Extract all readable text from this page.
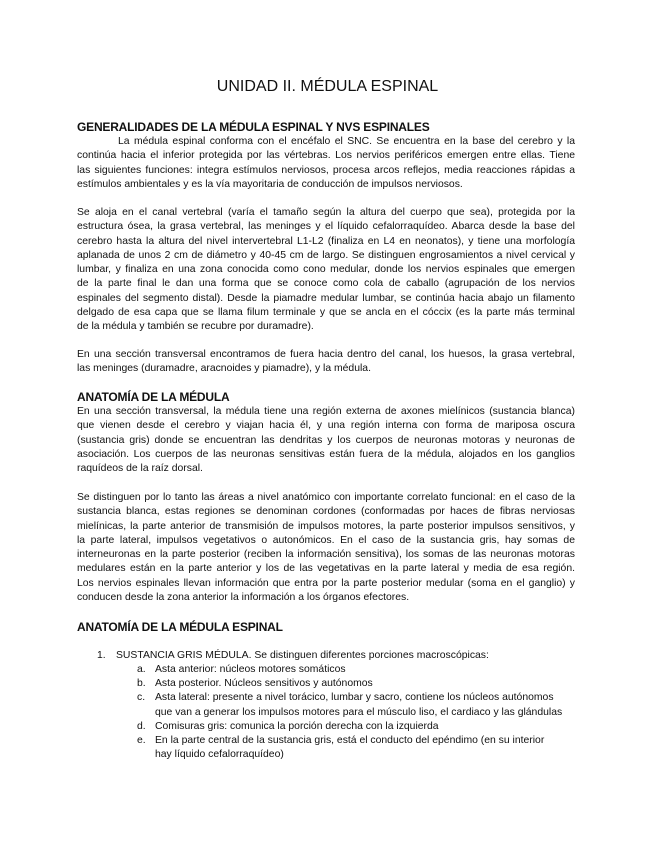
UNIDAD II. MÉDULA ESPINAL
GENERALIDADES DE LA MÉDULA ESPINAL Y NVS ESPINALES
La médula espinal conforma con el encéfalo el SNC. Se encuentra en la base del cerebro y la
continúa hacia el inferior protegida por las vértebras. Los nervios periféricos emergen entre ellas. Tiene
las siguientes funciones: integra estímulos nerviosos, procesa arcos reflejos, media reacciones rápidas a
estímulos ambientales y es la vía mayoritaria de conducción de impulsos nerviosos.
Se aloja en el canal vertebral (varía el tamaño según la altura del cuerpo que sea), protegida por la
estructura ósea, la grasa vertebral, las meninges y el líquido cefalorraquídeo. Abarca desde la base del
cerebro hasta la altura del nivel intervertebral L1-L2 (finaliza en L4 en neonatos), y tiene una morfología
aplanada de unos 2 cm de diámetro y 40-45 cm de largo. Se distinguen engrosamientos a nivel cervical y
lumbar, y finaliza en una zona conocida como cono medular, donde los nervios espinales que emergen
de la parte final le dan una forma que se conoce como cola de caballo (agrupación de los nervios
espinales del segmento distal). Desde la piamadre medular lumbar, se continúa hacia abajo un filamento
delgado de esa capa que se llama filum terminale y que se ancla en el cóccix (es la parte más terminal
de la médula y también se recubre por duramadre).
En una sección transversal encontramos de fuera hacia dentro del canal, los huesos, la grasa vertebral,
las meninges (duramadre, aracnoides y piamadre), y la médula.
ANATOMÍA DE LA MÉDULA
En una sección transversal, la médula tiene una región externa de axones mielínicos (sustancia blanca)
que vienen desde el cerebro y viajan hacia él, y una región interna con forma de mariposa oscura
(sustancia gris) donde se encuentran las dendritas y los cuerpos de neuronas motoras y neuronas de
asociación. Los cuerpos de las neuronas sensitivas están fuera de la médula, alojados en los ganglios
raquídeos de la raíz dorsal.
Se distinguen por lo tanto las áreas a nivel anatómico con importante correlato funcional: en el caso de la
sustancia blanca, estas regiones se denominan cordones (conformadas por haces de fibras nerviosas
mielínicas, la parte anterior de transmisión de impulsos motores, la parte posterior impulsos sensitivos, y
la parte lateral, impulsos vegetativos o autonómicos. En el caso de la sustancia gris, hay somas de
interneuronas en la parte posterior (reciben la información sensitiva), los somas de las neuronas motoras
medulares están en la parte anterior y los de las vegetativas en la parte lateral y media de esa región.
Los nervios espinales llevan información que entra por la parte posterior medular (soma en el ganglio) y
conducen desde la zona anterior la información a los órganos efectores.
ANATOMÍA DE LA MÉDULA ESPINAL
1. SUSTANCIA GRIS MÉDULA. Se distinguen diferentes porciones macroscópicas:
a. Asta anterior: núcleos motores somáticos
b. Asta posterior. Núcleos sensitivos y autónomos
c. Asta lateral: presente a nivel torácico, lumbar y sacro, contiene los núcleos autónomos
que van a generar los impulsos motores para el músculo liso, el cardiaco y las glándulas
d. Comisuras gris: comunica la porción derecha con la izquierda
e. En la parte central de la sustancia gris, está el conducto del epéndimo (en su interior
hay líquido cefalorraquídeo)
